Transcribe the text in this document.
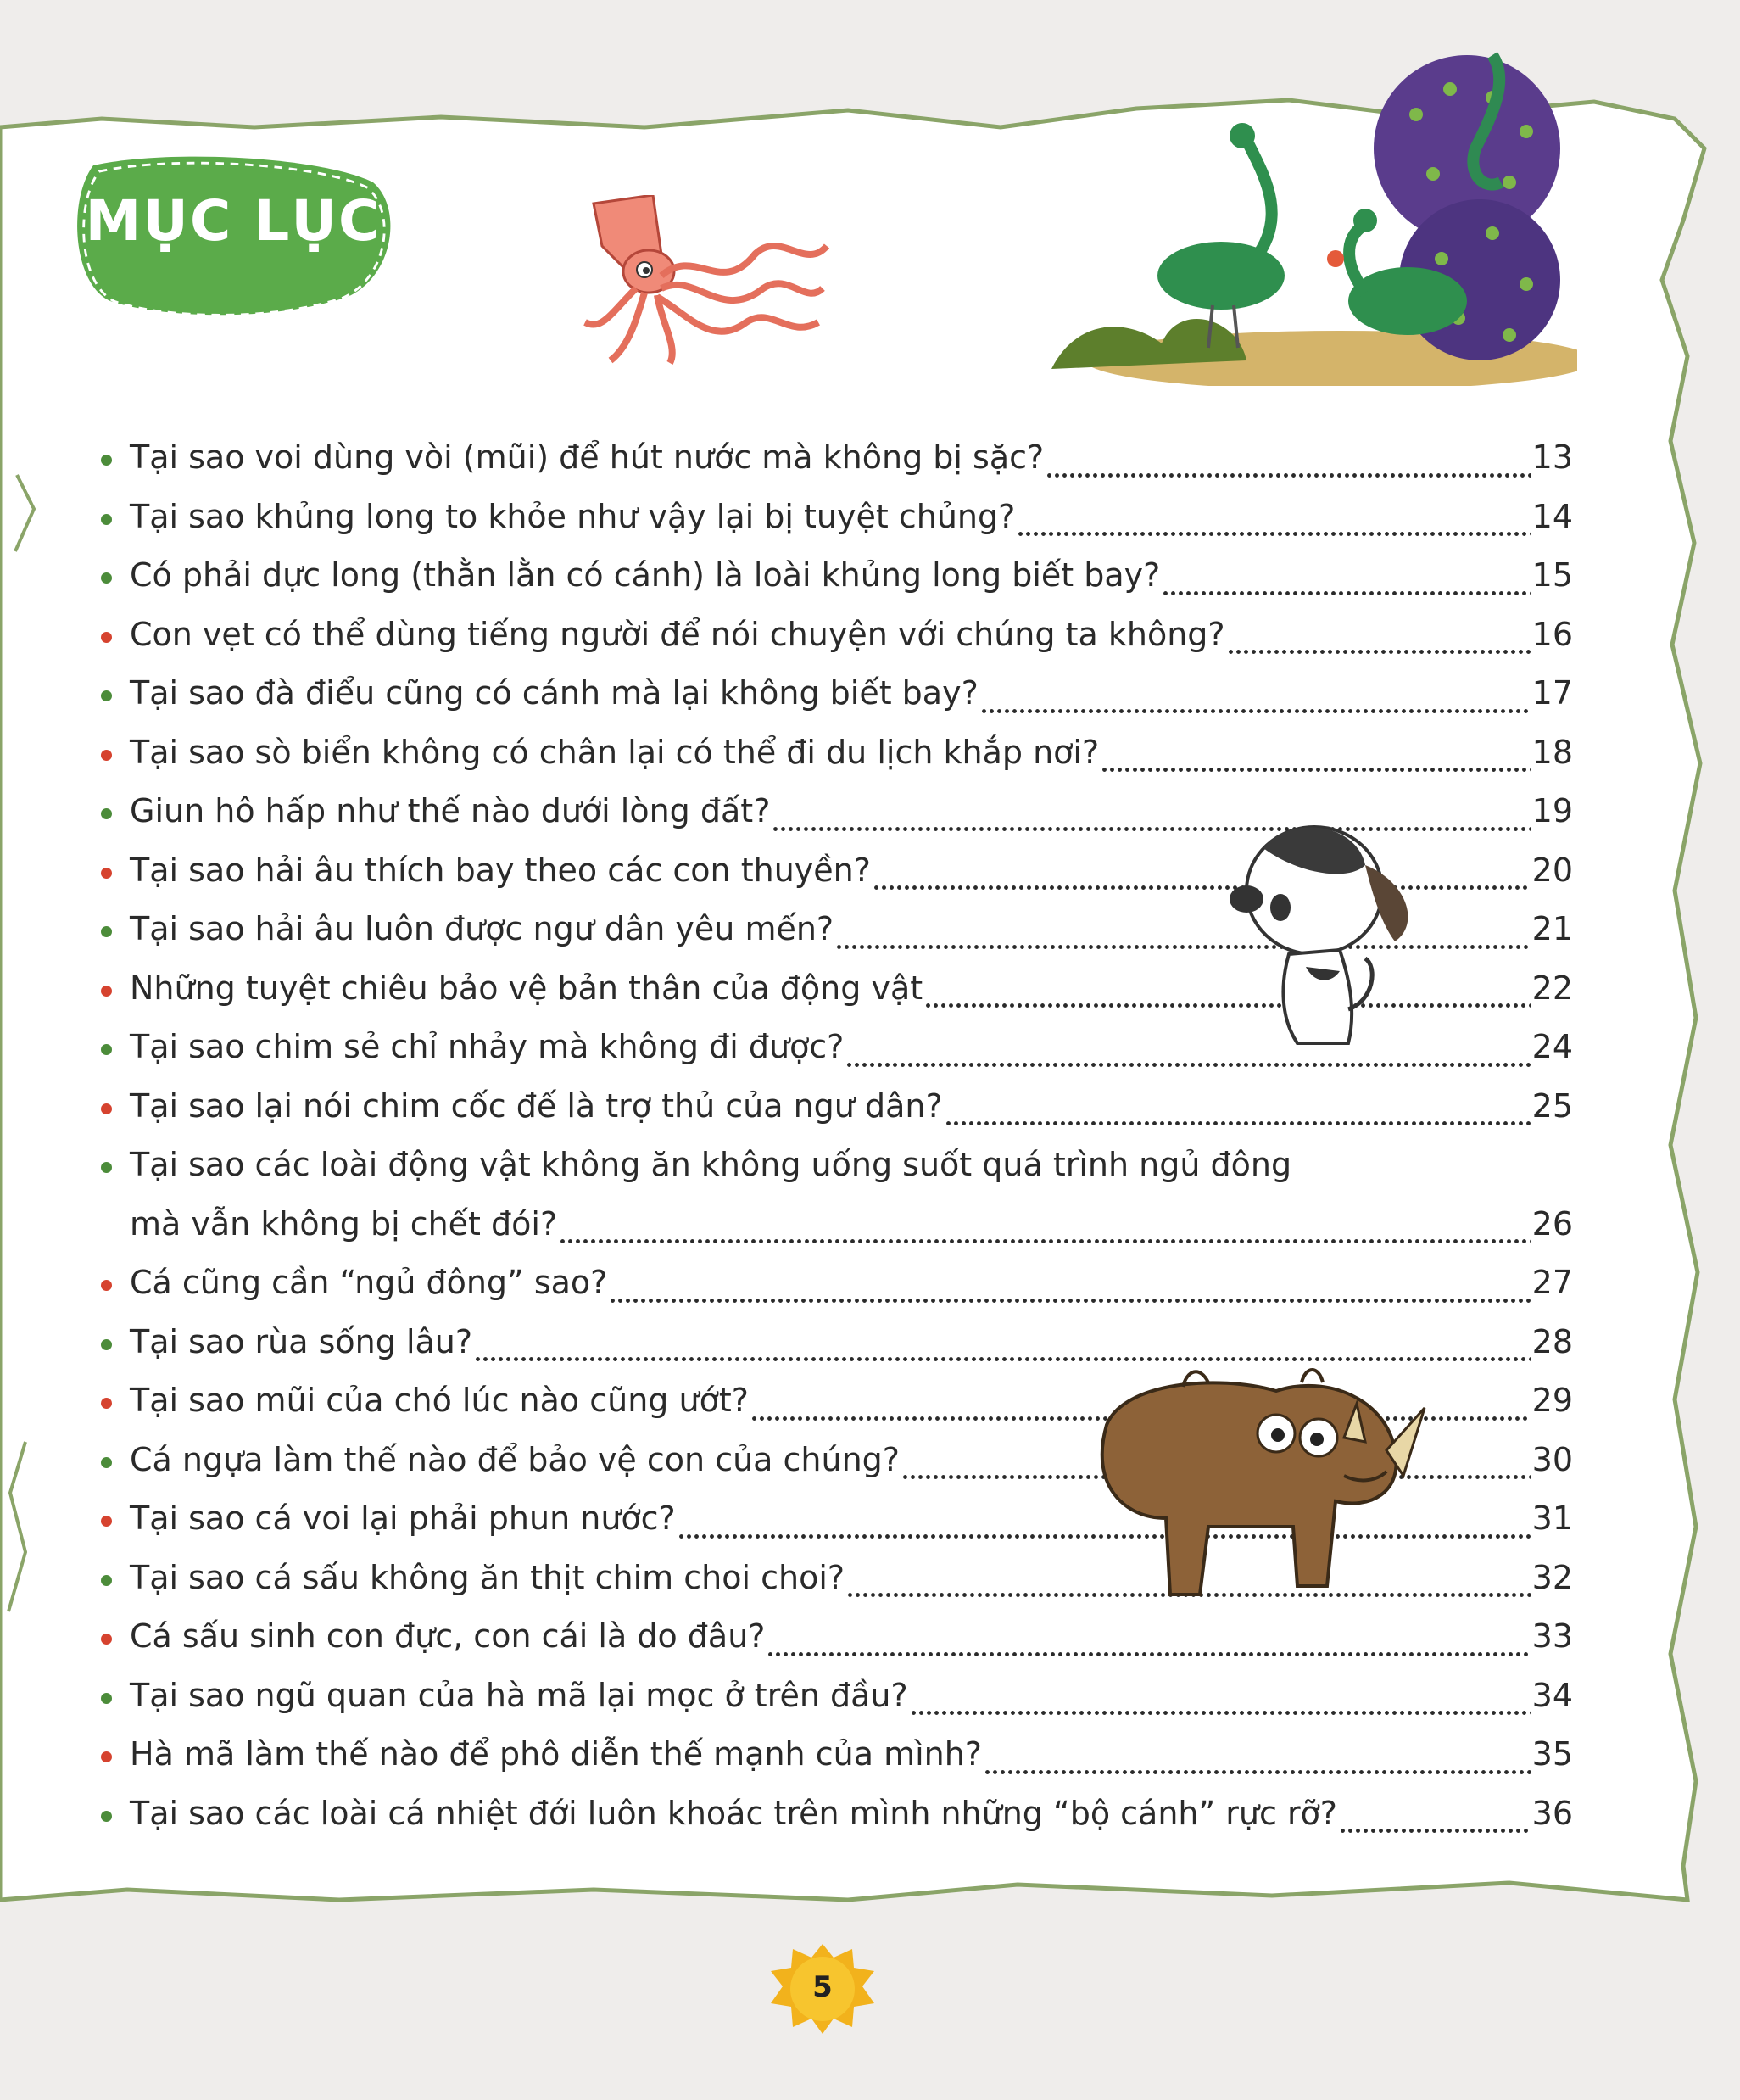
MỤC LỤC
Tại sao voi dùng vòi (mũi) để hút nước mà không bị sặc?	13
Tại sao khủng long to khỏe như vậy lại bị tuyệt chủng?	14
Có phải dực long (thằn lằn có cánh) là loài khủng long biết bay?	15
Con vẹt có thể dùng tiếng người để nói chuyện với chúng ta không?	16
Tại sao đà điểu cũng có cánh mà lại không biết bay?	17
Tại sao sò biển không có chân lại có thể đi du lịch khắp nơi?	18
Giun hô hấp như thế nào dưới lòng đất?	19
Tại sao hải âu thích bay theo các con thuyền?	20
Tại sao hải âu luôn được ngư dân yêu mến?	21
Những tuyệt chiêu bảo vệ bản thân của động vật	22
Tại sao chim sẻ chỉ nhảy mà không đi được?	24
Tại sao lại nói chim cốc đế là trợ thủ của ngư dân?	25
Tại sao các loài động vật không ăn không uống suốt quá trình ngủ đông
mà vẫn không bị chết đói?	26
Cá cũng cần “ngủ đông” sao?	27
Tại sao rùa sống lâu?	28
Tại sao mũi của chó lúc nào cũng ướt?	29
Cá ngựa làm thế nào để bảo vệ con của chúng?	30
Tại sao cá voi lại phải phun nước?	31
Tại sao cá sấu không ăn thịt chim choi choi?	32
Cá sấu sinh con đực, con cái là do đâu?	33
Tại sao ngũ quan của hà mã lại mọc ở trên đầu?	34
Hà mã làm thế nào để phô diễn thế mạnh của mình?	35
Tại sao các loài cá nhiệt đới luôn khoác trên mình những “bộ cánh” rực rỡ?	36
5
